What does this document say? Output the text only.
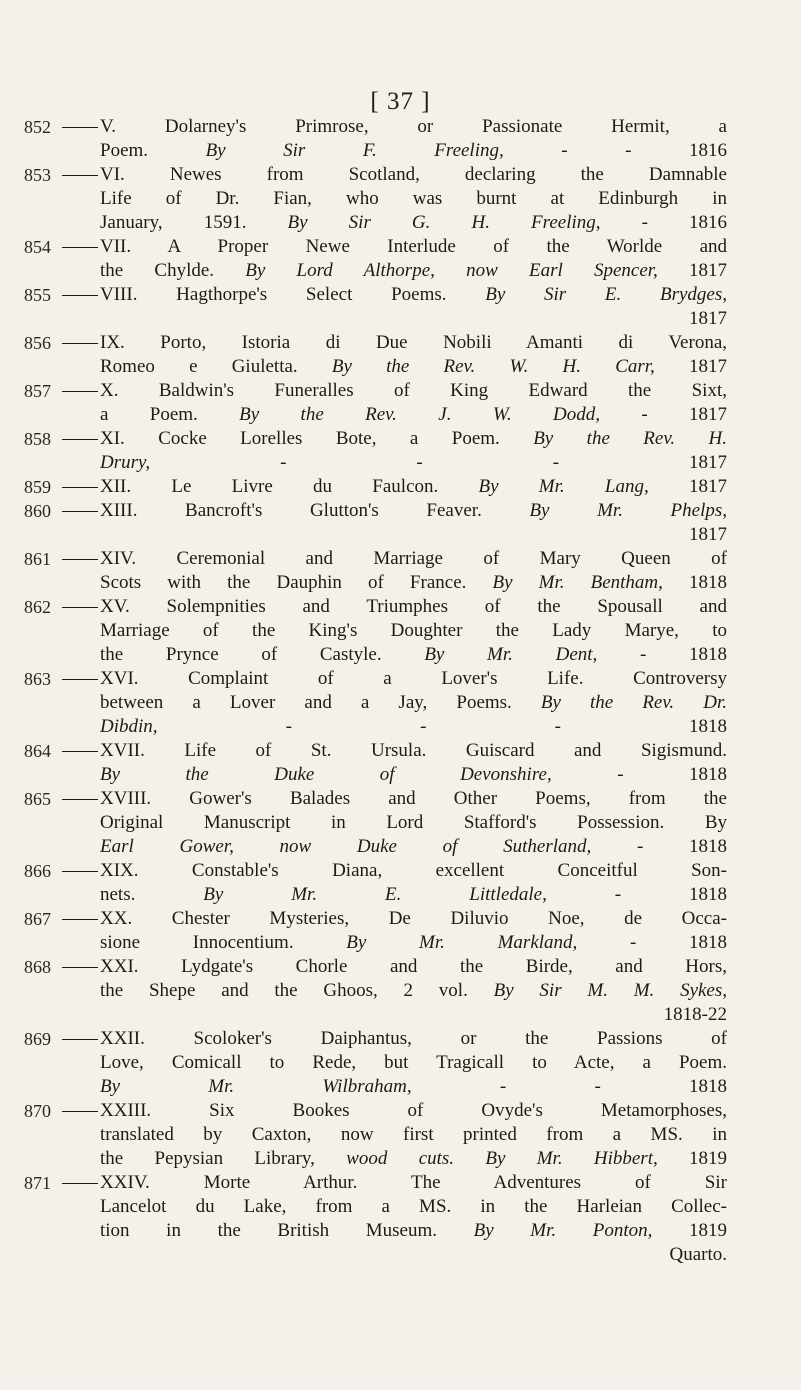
[ 37 ]
852	V. Dolarney's Primrose, or Passionate Hermit, a
Poem.	By Sir F. Freeling,	-	-	1816
853	VI. Newes from Scotland, declaring the Damnable
Life of Dr. Fian, who was burnt at Edinburgh in
January, 1591. By Sir G. H. Freeling, - 1816
854	VII. A Proper Newe Interlude of the Worlde and
the Chylde. By Lord Althorpe, now Earl Spencer, 1817
855	VIII. Hagthorpe's Select Poems. By Sir E. Brydges,
1817
856	IX. Porto, Istoria di Due Nobili Amanti di Verona,
Romeo e Giuletta. By the Rev. W. H. Carr, 1817
857	X. Baldwin's Funeralles of King Edward the Sixt,
a Poem. By the Rev. J. W. Dodd, - 1817
858	XI. Cocke Lorelles Bote, a Poem. By the Rev. H.
Drury,	-	-	-	1817
859	XII. Le Livre du Faulcon. By Mr. Lang, 1817
860	XIII. Bancroft's Glutton's Feaver.	By Mr. Phelps,
1817
861	XIV. Ceremonial and Marriage of Mary Queen of
Scots with the Dauphin of France. By Mr. Bentham, 1818
862	XV. Solempnities and Triumphes of the Spousall and
Marriage of the King's Doughter the Lady Marye, to
the Prynce of Castyle. By Mr. Dent, - 1818
863	XVI. Complaint of a Lover's Life.	Controversy
between a Lover and a Jay, Poems. By the Rev. Dr.
Dibdin,	-	-	-	1818
864	XVII. Life of St. Ursula. Guiscard and Sigismund.
By the Duke of Devonshire,	-	1818
865	XVIII. Gower's Balades and Other Poems, from the
Original Manuscript in Lord Stafford's Possession. By
Earl Gower, now Duke of Sutherland, - 1818
866	XIX. Constable's Diana, excellent Conceitful Son-
nets.	By Mr. E. Littledale,	-	1818
867	XX. Chester Mysteries, De Diluvio Noe, de Occa-
sione Innocentium.	By Mr. Markland,	-	1818
868	XXI. Lydgate's Chorle and the Birde, and Hors,
the Shepe and the Ghoos, 2 vol. By Sir M. M. Sykes,
1818-22
869	XXII. Scoloker's Daiphantus, or the Passions of
Love, Comicall to Rede, but Tragicall to Acte, a Poem.
By Mr. Wilbraham,	-	-	1818
870	XXIII. Six Bookes of Ovyde's Metamorphoses,
translated by Caxton, now first printed from a MS. in
the Pepysian Library, wood cuts. By Mr. Hibbert, 1819
871	XXIV. Morte Arthur.	The Adventures of Sir
Lancelot du Lake, from a MS. in the Harleian Collec-
tion in the British Museum. By Mr. Ponton, 1819
Quarto.
